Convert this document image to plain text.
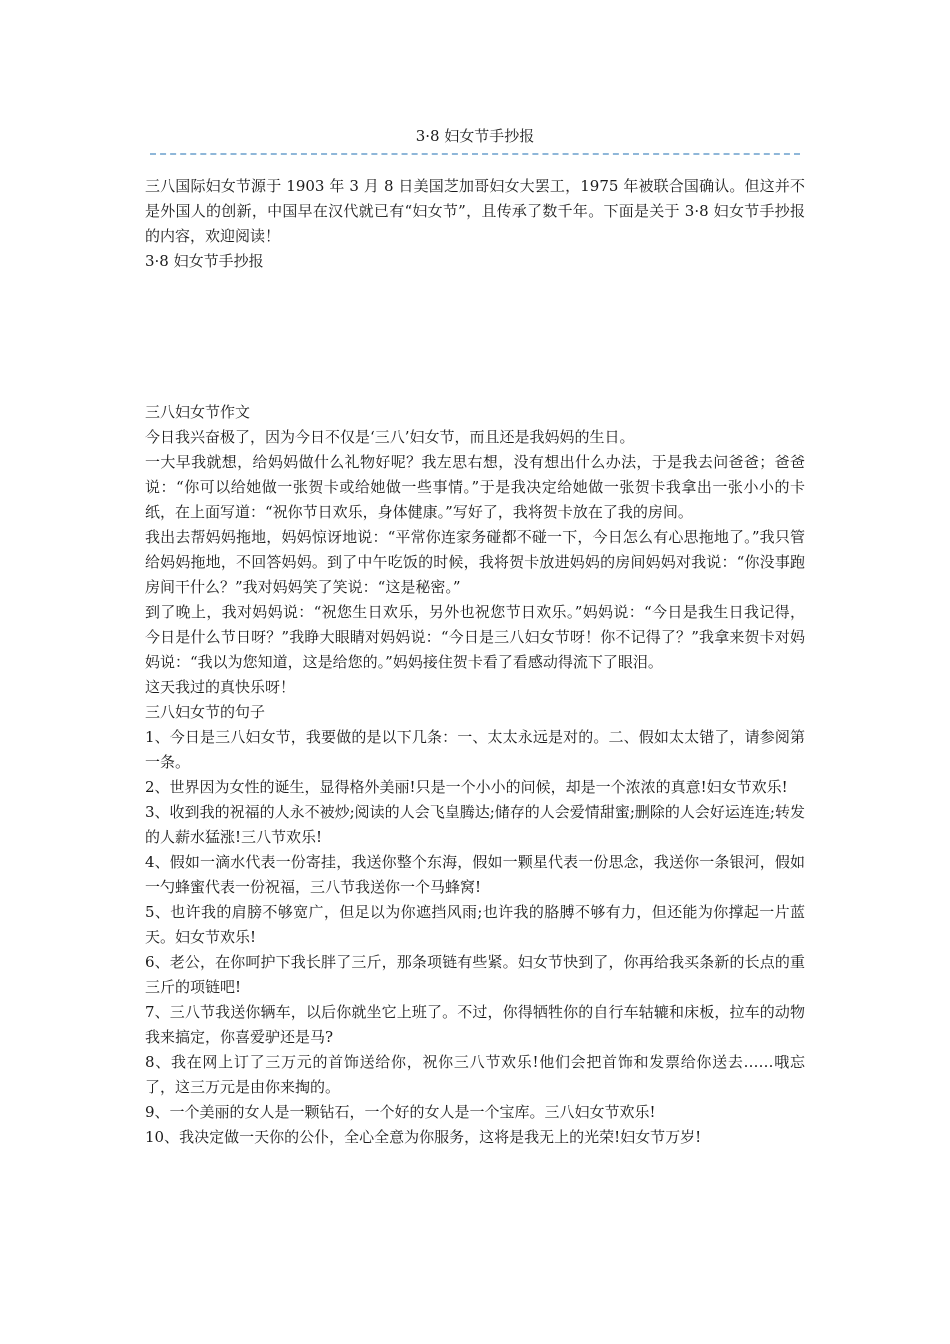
3·8 妇女节手抄报

三八国际妇女节源于 1903 年 3 月 8 日美国芝加哥妇女大罢工，1975 年被联合国确认。但这并不是外国人的创新，中国早在汉代就已有“妇女节”，且传承了数千年。下面是关于 3·8 妇女节手抄报的内容，欢迎阅读！

3·8 妇女节手抄报

三八妇女节作文

今日我兴奋极了，因为今日不仅是‘三八’妇女节，而且还是我妈妈的生日。

一大早我就想，给妈妈做什么礼物好呢？我左思右想，没有想出什么办法，于是我去问爸爸；爸爸说：“你可以给她做一张贺卡或给她做一些事情。”于是我决定给她做一张贺卡我拿出一张小小的卡纸，在上面写道：“祝你节日欢乐，身体健康。”写好了，我将贺卡放在了我的房间。

我出去帮妈妈拖地，妈妈惊讶地说：“平常你连家务碰都不碰一下，今日怎么有心思拖地了。”我只管给妈妈拖地，不回答妈妈。到了中午吃饭的时候，我将贺卡放进妈妈的房间妈妈对我说：“你没事跑房间干什么？”我对妈妈笑了笑说：“这是秘密。”

到了晚上，我对妈妈说：“祝您生日欢乐，另外也祝您节日欢乐。”妈妈说：“今日是我生日我记得，今日是什么节日呀？”我睁大眼睛对妈妈说：“今日是三八妇女节呀！你不记得了？”我拿来贺卡对妈妈说：“我以为您知道，这是给您的。”妈妈接住贺卡看了看感动得流下了眼泪。

这天我过的真快乐呀！

三八妇女节的句子

1、今日是三八妇女节，我要做的是以下几条：一、太太永远是对的。二、假如太太错了，请参阅第一条。

2、世界因为女性的诞生，显得格外美丽!只是一个小小的问候，却是一个浓浓的真意!妇女节欢乐!

3、收到我的祝福的人永不被炒;阅读的人会飞皇腾达;储存的人会爱情甜蜜;删除的人会好运连连;转发的人薪水猛涨!三八节欢乐!

4、假如一滴水代表一份寄挂，我送你整个东海，假如一颗星代表一份思念，我送你一条银河，假如一勺蜂蜜代表一份祝福，三八节我送你一个马蜂窝!

5、也许我的肩膀不够宽广，但足以为你遮挡风雨;也许我的胳膊不够有力，但还能为你撑起一片蓝天。妇女节欢乐!

6、老公，在你呵护下我长胖了三斤，那条项链有些紧。妇女节快到了，你再给我买条新的长点的重三斤的项链吧!

7、三八节我送你辆车，以后你就坐它上班了。不过，你得牺牲你的自行车轱辘和床板，拉车的动物我来搞定，你喜爱驴还是马?

8、我在网上订了三万元的首饰送给你，祝你三八节欢乐!他们会把首饰和发票给你送去……哦忘了，这三万元是由你来掏的。

9、一个美丽的女人是一颗钻石，一个好的女人是一个宝库。三八妇女节欢乐!

10、我决定做一天你的公仆，全心全意为你服务，这将是我无上的光荣!妇女节万岁!
